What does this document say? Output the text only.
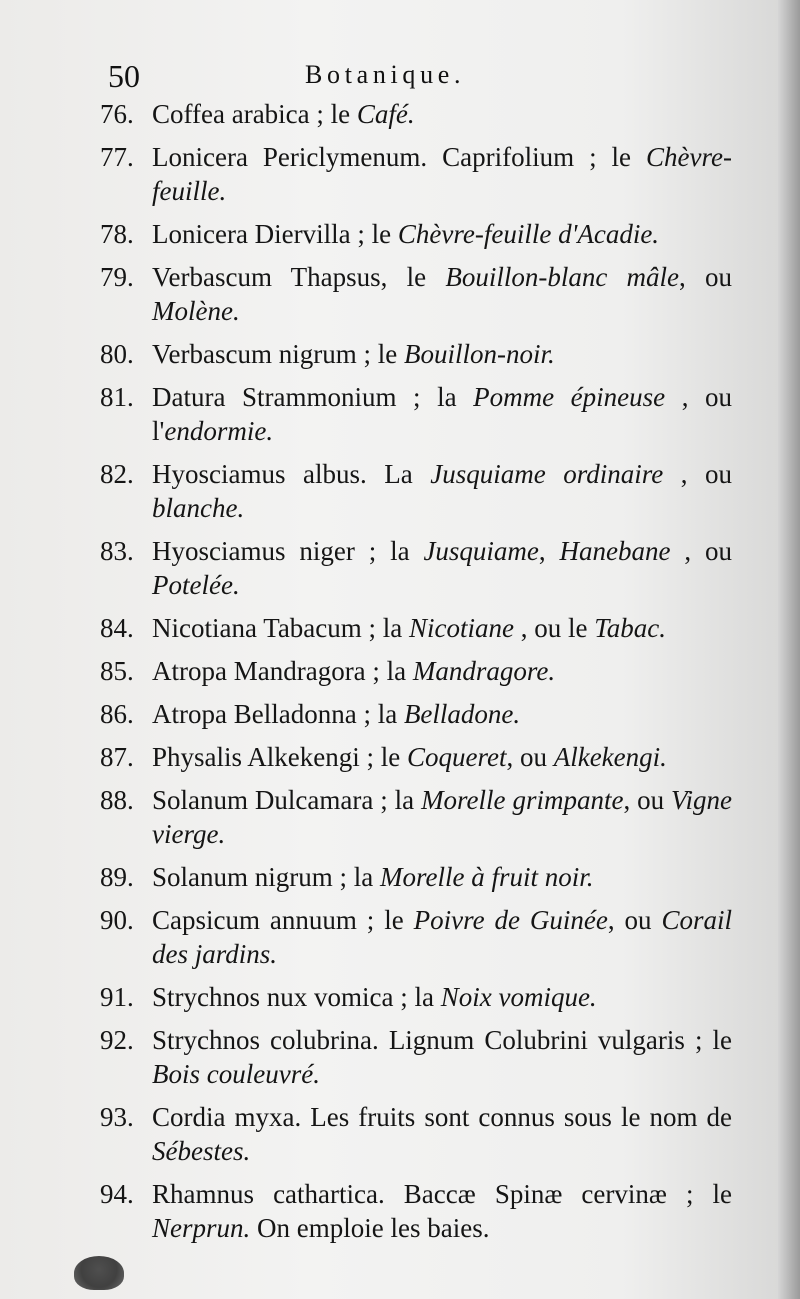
50	Botanique.
76. Coffea arabica ; le Café.
77. Lonicera Periclymenum. Caprifolium ; le Chèvre-feuille.
78. Lonicera Diervilla ; le Chèvre-feuille d'Acadie.
79. Verbascum Thapsus, le Bouillon-blanc mâle, ou Molène.
80. Verbascum nigrum ; le Bouillon-noir.
81. Datura Strammonium ; la Pomme épineuse , ou l'endormie.
82. Hyosciamus albus. La Jusquiame ordinaire , ou blanche.
83. Hyosciamus niger ; la Jusquiame, Hanebane , ou Potelée.
84. Nicotiana Tabacum ; la Nicotiane , ou le Tabac.
85. Atropa Mandragora ; la Mandragore.
86. Atropa Belladonna ; la Belladone.
87. Physalis Alkekengi ; le Coqueret, ou Alkekengi.
88. Solanum Dulcamara ; la Morelle grimpante, ou Vigne vierge.
89. Solanum nigrum ; la Morelle à fruit noir.
90. Capsicum annuum ; le Poivre de Guinée, ou Corail des jardins.
91. Strychnos nux vomica ; la Noix vomique.
92. Strychnos colubrina. Lignum Colubrini vulgaris ; le Bois couleuvré.
93. Cordia myxa. Les fruits sont connus sous le nom de Sébestes.
94. Rhamnus cathartica. Baccæ Spinæ cervinæ ; le Nerprun. On emploie les baies.
